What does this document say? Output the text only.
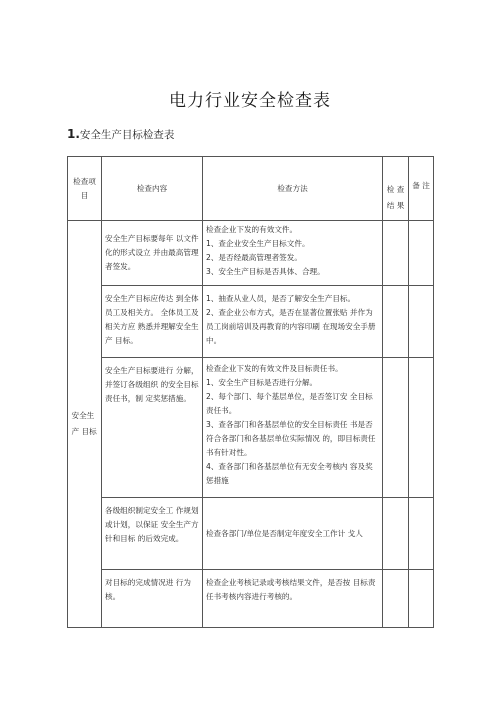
电力行业安全检查表
1.安全生产目标检查表
检查项目	检查内容	检查方法	检 查结 果	备 注
安全生产 目标	安全生产目标要每年 以文件化的形式设立 并由最高管理者签发。	检查企业下发的有效文件。
1、查企业安全生产目标文件。
2、是否经最高管理者签发。
3、安全生产目标是否具体、合理。		

	安全生产目标应传达 到全体员工及相关方。 全体员工及相关方应 熟悉并理解安全生产 目标。	1、抽查从业人员，是否了解安全生产目标。
2、查企业公布方式，是否在显著位置张贴 并作为员工岗前培训及再教育的内容印刷 在现场安全手册中。		

	安全生产目标要进行 分解，并签订各级组织 的安全目标责任书，制 定奖惩措施。	检查企业下发的有效文件及目标责任书。
1、安全生产目标是否进行分解。
2、每个部门、每个基层单位，是否签订安 全目标责任书。
3、查各部门和各基层单位的安全目标责任 书是否符合各部门和各基层单位实际情况 的，即目标责任书有针对性。
4、查各部门和各基层单位有无安全考核内 容及奖惩措施		

	各级组织制定安全工 作规划或计划，以保证 安全生产方针和目标 的后效完成。	检查各部门/单位是否制定年度安全工作计 戈人		

	对目标的完成情况进 行为核。	检查企业考核记录或考核结果文件，是否按 目标责任书考核内容进行考核的。		
